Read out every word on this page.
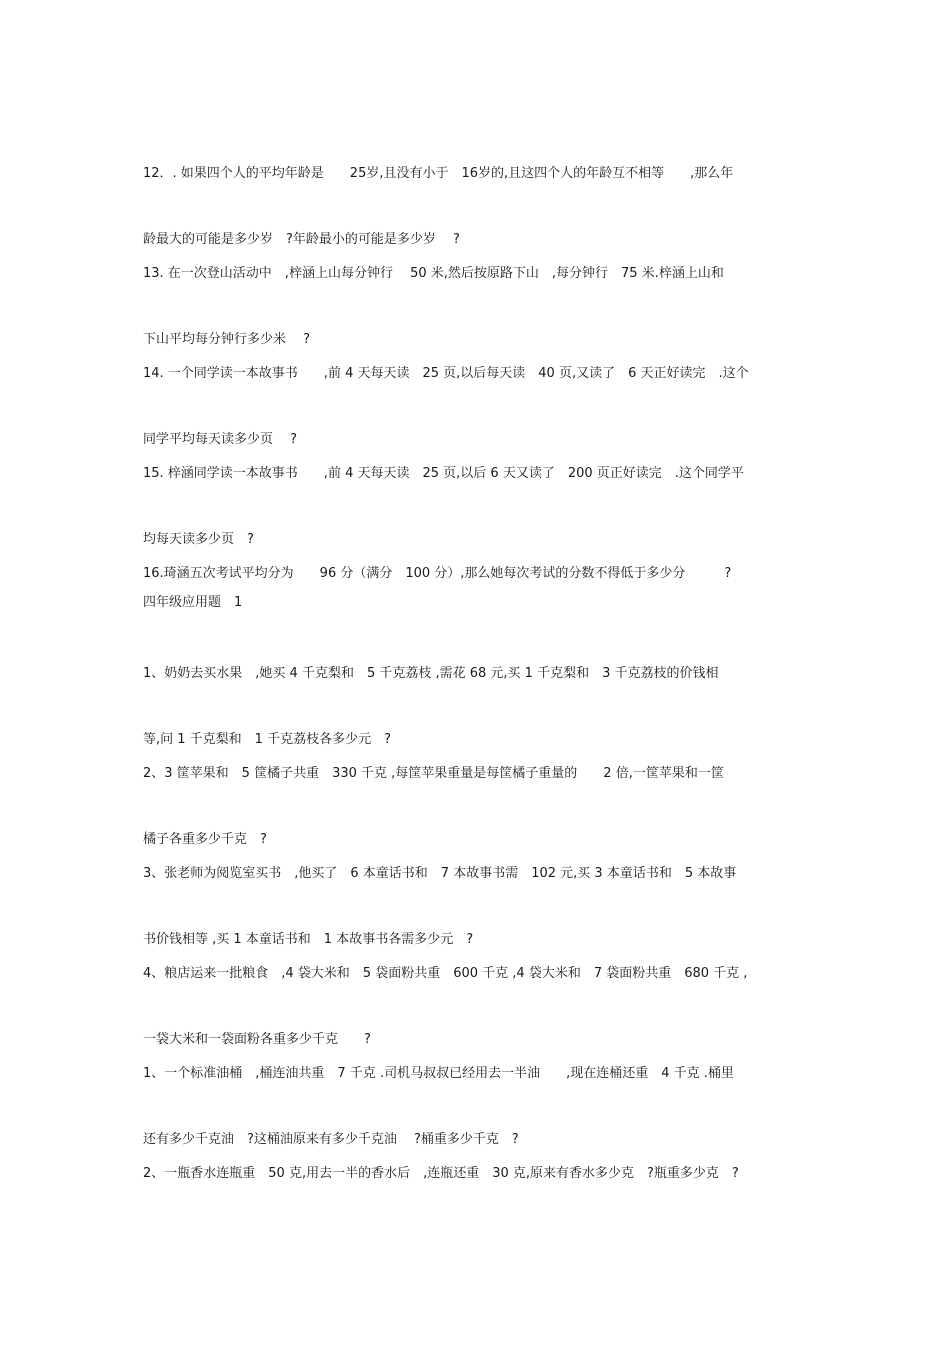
12．. 如果四个人的平均年龄是　　25岁,且没有小于　16岁的,且这四个人的年龄互不相等　　,那么年

龄最大的可能是多少岁　?年龄最小的可能是多少岁　 ?

13. 在一次登山活动中　,梓涵上山每分钟行　 50 米,然后按原路下山　,每分钟行　75 米.梓涵上山和

下山平均每分钟行多少米　 ?

14. 一个同学读一本故事书　　,前 4 天每天读　25 页,以后每天读　40 页,又读了　6 天正好读完　.这个

同学平均每天读多少页　 ?

15. 梓涵同学读一本故事书　　,前 4 天每天读　25 页,以后 6 天又读了　200 页正好读完　.这个同学平

均每天读多少页　?

16.琦涵五次考试平均分为　　96 分（满分　100 分）,那么她每次考试的分数不得低于多少分　　　?

四年级应用题　1

1、奶奶去买水果　,她买 4 千克梨和　5 千克荔枝 ,需花 68 元,买 1 千克梨和　3 千克荔枝的价钱相

等,问 1 千克梨和　1 千克荔枝各多少元　?

2、3 筐苹果和　5 筐橘子共重　330 千克 ,每筐苹果重量是每筐橘子重量的　　2 倍,一筐苹果和一筐

橘子各重多少千克　?

3、张老师为阅览室买书　,他买了　6 本童话书和　7 本故事书需　102 元,买 3 本童话书和　5 本故事

书价钱相等 ,买 1 本童话书和　1 本故事书各需多少元　?

4、粮店运来一批粮食　,4 袋大米和　5 袋面粉共重　600 千克 ,4 袋大米和　7 袋面粉共重　680 千克 ,

一袋大米和一袋面粉各重多少千克　　?

1、一个标准油桶　,桶连油共重　7 千克 .司机马叔叔已经用去一半油　　,现在连桶还重　4 千克 .桶里

还有多少千克油　?这桶油原来有多少千克油　 ?桶重多少千克　?

2、一瓶香水连瓶重　50 克,用去一半的香水后　,连瓶还重　30 克,原来有香水多少克　?瓶重多少克　?
